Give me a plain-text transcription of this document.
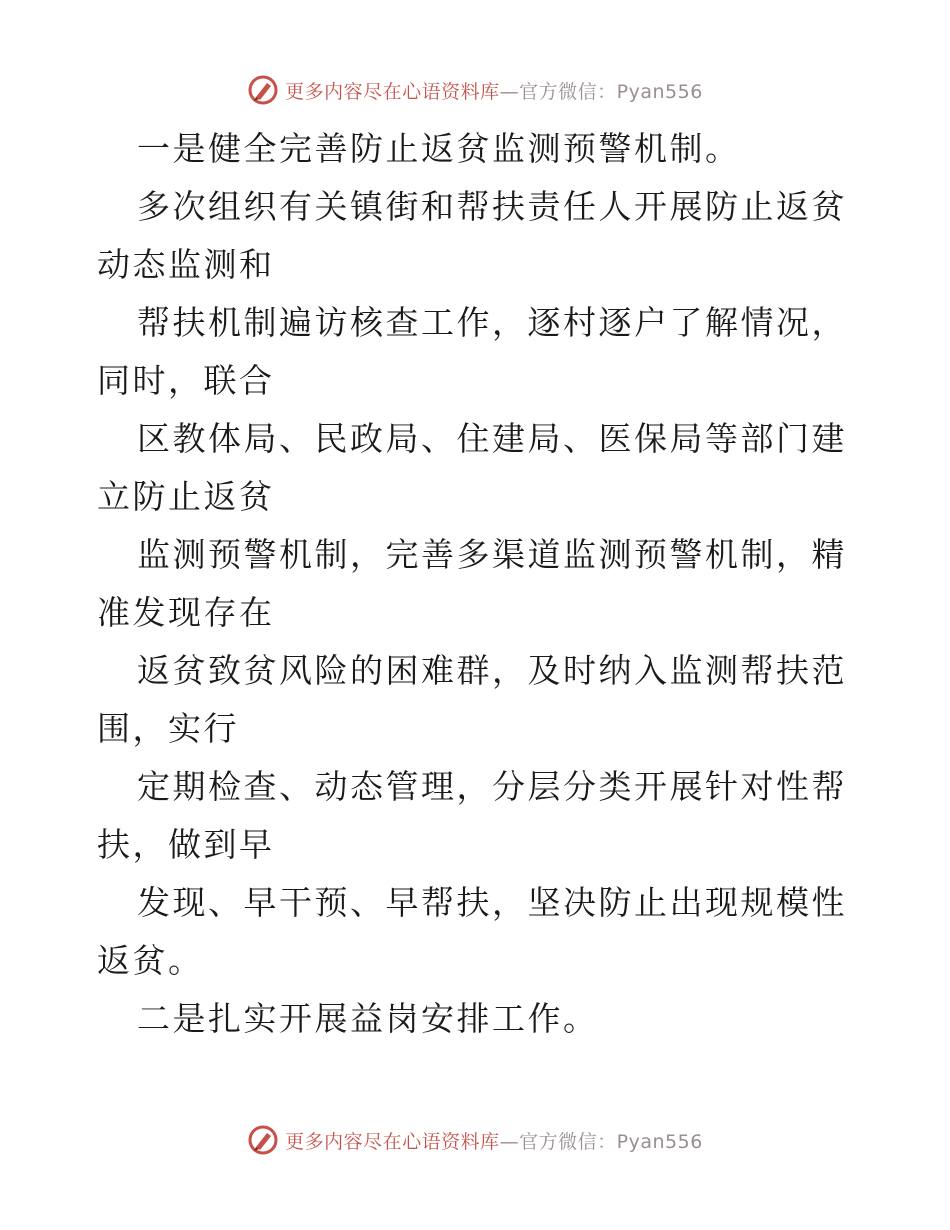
更多内容尽在心语资料库—官方微信：Pyan556

一是健全完善防止返贫监测预警机制。

多次组织有关镇街和帮扶责任人开展防止返贫动态监测和

帮扶机制遍访核查工作，逐村逐户了解情况，同时，联合

区教体局、民政局、住建局、医保局等部门建立防止返贫

监测预警机制，完善多渠道监测预警机制，精准发现存在

返贫致贫风险的困难群，及时纳入监测帮扶范围，实行

定期检查、动态管理，分层分类开展针对性帮扶，做到早

发现、早干预、早帮扶，坚决防止出现规模性返贫。

二是扎实开展益岗安排工作。

更多内容尽在心语资料库—官方微信：Pyan556
